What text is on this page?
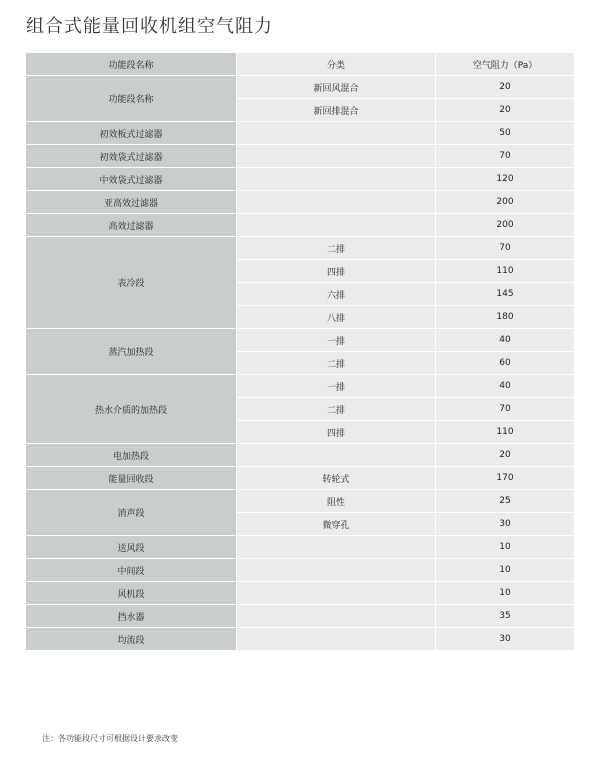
组合式能量回收机组空气阻力
功能段名称	分类	空气阻力（Pa）
功能段名称	新回风混合	20
	新回排混合	20
初效板式过滤器		50
初效袋式过滤器		70
中效袋式过滤器		120
亚高效过滤器		200
高效过滤器		200
表冷段	二排	70
	四排	110
	六排	145
	八排	180
蒸汽加热段	一排	40
	二排	60
热水介质的加热段	一排	40
	二排	70
	四排	110
电加热段		20
能量回收段	转轮式	170
消声段	阻性	25
	微穿孔	30
送风段		10
中间段		10
风机段		10
挡水器		35
均流段		30
注：各功能段尺寸可根据设计要求改变
